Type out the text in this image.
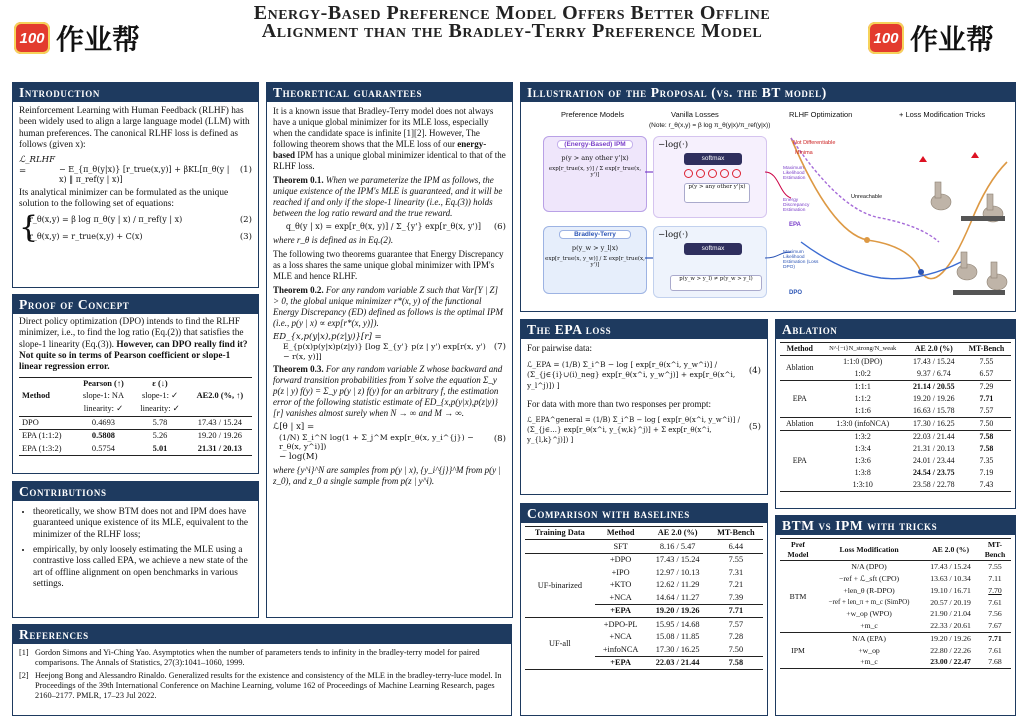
100 作业帮	100 作业帮
Energy-Based Preference Model Offers Better Offline
Alignment than the Bradley-Terry Preference Model
Introduction

Reinforcement Learning with Human Feedback (RLHF) has been widely used to align a large language model (LLM) with human preferences. The canonical RLHF loss is defined as follows (given x):

ℒ_RLHF =	− E_{π_θ(y|x)} [r_true(x,y)] + βKL[π_θ(y | x) ‖ π_ref(y | x)]
(1)

Its analytical minimizer can be formulated as the unique solution to the following set of equations:

{
r_θ(x,y) = β log π_θ(y | x) / π_ref(y | x)	(2)
r_θ(x,y) = r_true(x,y) + C(x)	(3)
Proof of Concept

Direct policy optimization (DPO) intends to find the RLHF minimizer, i.e., to find the log ratio (Eq.(2)) that satisfies the slope-1 linearity (Eq.(3)). However, can DPO really find it? Not quite so in terms of Pearson coefficient or slope-1 linear regression error.

Method	Pearson (↑)	ε (↓)	AE2.0 (%, ↑)
	slope-1: NA	slope-1: ✓	
	linearity: ✓	linearity: ✓	
DPO	0.4693	5.78	17.43 / 15.24
EPA (1:1:2)	0.5808	5.26	19.20 / 19.26
EPA (1:3:2)	0.5754	5.01	21.31 / 20.13
Contributions
• theoretically, we show BTM does not and IPM does have guaranteed unique existence of its MLE, equivalent to the minimizer of the RLHF loss;
• empirically, by only loosely estimating the MLE using a contrastive loss called EPA, we achieve a new state of the art of offline alignment on open benchmarks in various settings.
References
[1] Gordon Simons and Yi-Ching Yao. Asymptotics when the number of parameters tends to infinity in the bradley-terry model for paired comparisons. The Annals of Statistics, 27(3):1041–1060, 1999.
[2] Heejong Bong and Alessandro Rinaldo. Generalized results for the existence and consistency of the MLE in the bradley-terry-luce model. In Proceedings of the 39th International Conference on Machine Learning, volume 162 of Proceedings of Machine Learning Research, pages 2160–2177. PMLR, 17–23 Jul 2022.
Theoretical guarantees

It is a known issue that Bradley-Terry model does not always have a unique global minimizer for its MLE loss, especially when the candidate space is infinite [1][2]. However, The following theorem shows that the MLE loss of our energy-based IPM has a unique global minimizer identical to that of the RLHF loss.

Theorem 0.1. When we parameterize the IPM as follows, the unique existence of the IPM's MLE is guaranteed, and it will be reached if and only if the slope-1 linearity (i.e., Eq.(3)) holds between the log ratio reward and the true reward.

q_θ(y | x) = exp[r_θ(x, y)] / Σ_{y'} exp[r_θ(x, y')]	(6)

where r_θ is defined as in Eq.(2).

The following two theorems guarantee that Energy Discrepancy as a loss shares the same unique global minimizer with IPM's MLE and hence RLHF.

Theorem 0.2. For any random variable Z such that Var[Y | Z] > 0, the global unique minimizer r*(x, y) of the functional Energy Discrepancy (ED) defined as follows is the optimal IPM (i.e., p(y | x) ∝ exp[r*(x, y)]).

ED_{x,p(y|x),p(z|y)}[r] =
E_{p(x)p(y|x)p(z|y)} [log Σ_{y'} p(z | y') exp[r(x, y') − r(x, y)]]
(7)

Theorem 0.3. For any random variable Z whose backward and forward transition probabilities from Y solve the equation Σ_y p(z | y) f(y) = Σ_y p(y | z) f(y) for an arbitrary f, the estimation error of the following statistic estimate of ED_{x,p(y|x),p(z|y)}[r] vanishes almost surely when N → ∞ and M → ∞.

ℒ[θ | x] =
(1/N) Σ_i^N log(1 + Σ_j^M exp[r_θ(x, y_i^{j}) − r_θ(x, y^i)])
− log(M)
(8)

where {y^i}^N are samples from p(y | x), {y_i^{j}}^M from p(y | z_0), and z_0 a single sample from p(z | y^i).

Illustration of the Proposal (vs. the BT model)
Preference Models	Vanilla Losses	RLHF Optimization	+ Loss Modification Tricks
(Note: r_θ(x,y) = β log π_θ(y|x)/π_ref(y|x))
(Energy-Based) IPM
p(y > any other y'|x)
exp[r_true(x, y)] / Σ exp[r_true(x, y')]
−log(·)
softmax
p(y > any other y'|x)
Bradley-Terry
p(y_w > y_l|x)
exp[r_true(x, y_w)] / Σ exp[r_true(x, y')]
−log(·)
softmax
p(y_w > y_l) ≠ p(y_w > y_l)
Not Differentiable
Minima
Unreachable
Maximum Likelihood Estimation
Energy Discrepancy Estimation
EPA
Maximum Likelihood Estimation (Loss DPO)
DPO
The EPA loss

For pairwise data:

ℒ_EPA = (1/B) Σ_i^B − log [ exp[r_θ(x^i, y_w^i)] / (Σ_{j∈{i}∪(i)_neg} exp[r_θ(x^i, y_w^j)] + exp[r_θ(x^i, y_l^j)]) ]
(4)

For data with more than two responses per prompt:

ℒ_EPA^general = (1/B) Σ_i^B − log [ exp[r_θ(x^i, y_w^i)] / (Σ_{j∈…} exp[r_θ(x^i, y_{w,k}^j)] + Σ exp[r_θ(x^i, y_{l,k}^j)]) ]
(5)
Comparison with baselines
Training Data	Method	AE 2.0 (%)	MT-Bench
	SFT	8.16 / 5.47	6.44
UF-binarized	+DPO	17.43 / 15.24	7.55
	+IPO	12.97 / 10.13	7.31
	+KTO	12.62 / 11.29	7.21
	+NCA	14.64 / 11.27	7.39
	+EPA	19.20 / 19.26	7.71
UF-all	+DPO-PL	15.95 / 14.68	7.57
	+NCA	15.08 / 11.85	7.28
	+infoNCA	17.30 / 16.25	7.50
	+EPA	22.03 / 21.44	7.58
Ablation
Method	N^{−i}N_strong/N_weak	AE 2.0 (%)	MT-Bench
Ablation	1:1:0 (DPO)	17.43 / 15.24	7.55
	1:0:2	9.37 / 6.74	6.57
EPA	1:1:1	21.14 / 20.55	7.29
	1:1:2	19.20 / 19.26	7.71
	1:1:6	16.63 / 15.78	7.57
Ablation	1:3:0 (infoNCA)	17.30 / 16.25	7.50
EPA	1:3:2	22.03 / 21.44	7.58
	1:3:4	21.31 / 20.13	7.58
	1:3:6	24.01 / 23.44	7.35
	1:3:8	24.54 / 23.75	7.19
	1:3:10	23.58 / 22.78	7.43
BTM vs IPM with tricks
Pref Model	Loss Modification	AE 2.0 (%)	MT-Bench
BTM	N/A (DPO)	17.43 / 15.24	7.55
	−ref + ℒ_sft (CPO)	13.63 / 10.34	7.11
	+len_θ (R-DPO)	19.10 / 16.71	7.70
	−ref + len_π + m_c (SimPO)	20.57 / 20.19	7.61
	+w_op (WPO)	21.90 / 21.04	7.56
	+m_c	22.33 / 20.61	7.67
IPM	N/A (EPA)	19.20 / 19.26	7.71
	+w_op	22.80 / 22.26	7.61
	+m_c	23.00 / 22.47	7.68
